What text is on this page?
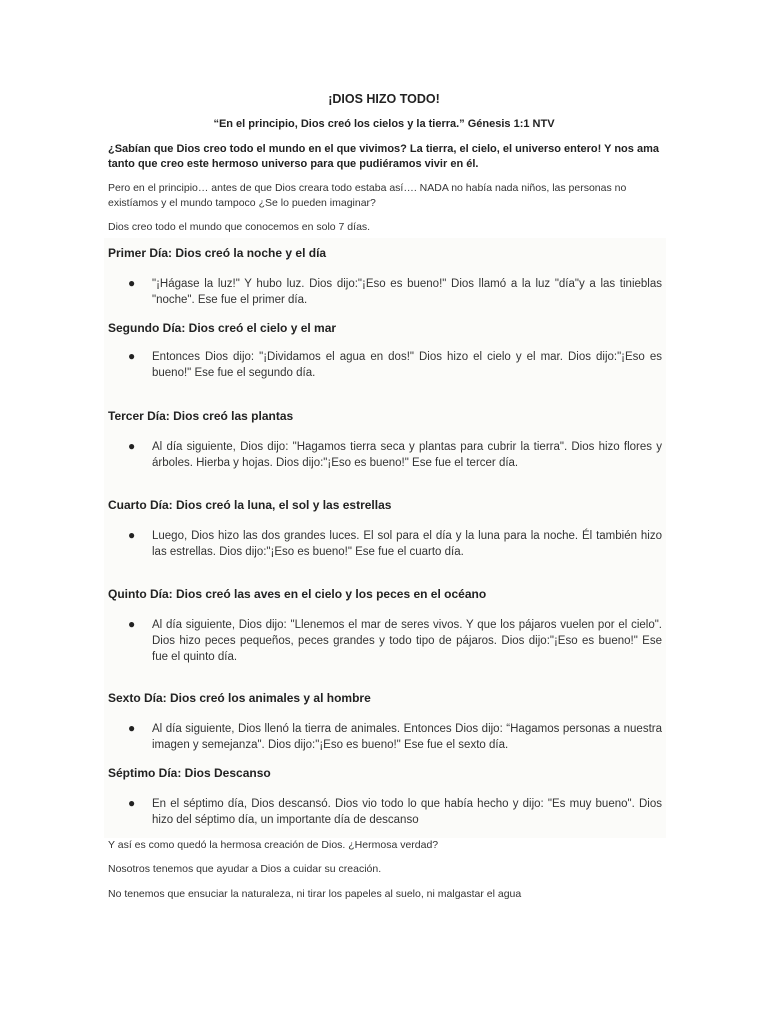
¡DIOS HIZO TODO!
“En el principio, Dios creó los cielos y la tierra.” Génesis 1:1 NTV
¿Sabían que Dios creo todo el mundo en el que vivimos? La tierra, el cielo, el universo entero! Y nos ama tanto que creo este hermoso universo para que pudiéramos vivir en él.
Pero en el principio… antes de que Dios creara todo estaba así…. NADA no había nada niños, las personas no existíamos y el mundo tampoco ¿Se lo pueden imaginar?
Dios creo todo el mundo que conocemos en solo 7 días.
Primer Día: Dios creó la noche y el día
● "¡Hágase la luz!" Y hubo luz. Dios dijo:"¡Eso es bueno!" Dios llamó a la luz "día"y a las tinieblas "noche". Ese fue el primer día.
Segundo Día: Dios creó el cielo y el mar
● Entonces Dios dijo: "¡Dividamos el agua en dos!" Dios hizo el cielo y el mar. Dios dijo:"¡Eso es bueno!" Ese fue el segundo día.
Tercer Día: Dios creó las plantas
● Al día siguiente, Dios dijo: "Hagamos tierra seca y plantas para cubrir la tierra". Dios hizo flores y árboles. Hierba y hojas. Dios dijo:"¡Eso es bueno!" Ese fue el tercer día.
Cuarto Día: Dios creó la luna, el sol y las estrellas
● Luego, Dios hizo las dos grandes luces. El sol para el día y la luna para la noche. Él también hizo las estrellas. Dios dijo:"¡Eso es bueno!" Ese fue el cuarto día.
Quinto Día: Dios creó las aves en el cielo y los peces en el océano
● Al día siguiente, Dios dijo: "Llenemos el mar de seres vivos. Y que los pájaros vuelen por el cielo". Dios hizo peces pequeños, peces grandes y todo tipo de pájaros. Dios dijo:"¡Eso es bueno!" Ese fue el quinto día.
Sexto Día: Dios creó los animales y al hombre
● Al día siguiente, Dios llenó la tierra de animales. Entonces Dios dijo: “Hagamos personas a nuestra imagen y semejanza". Dios dijo:"¡Eso es bueno!" Ese fue el sexto día.
Séptimo Día: Dios Descanso
● En el séptimo día, Dios descansó. Dios vio todo lo que había hecho y dijo: "Es muy bueno". Dios hizo del séptimo día, un importante día de descanso
Y así es como quedó la hermosa creación de Dios. ¿Hermosa verdad?
Nosotros tenemos que ayudar a Dios a cuidar su creación.
No tenemos que ensuciar la naturaleza, ni tirar los papeles al suelo, ni malgastar el agua
